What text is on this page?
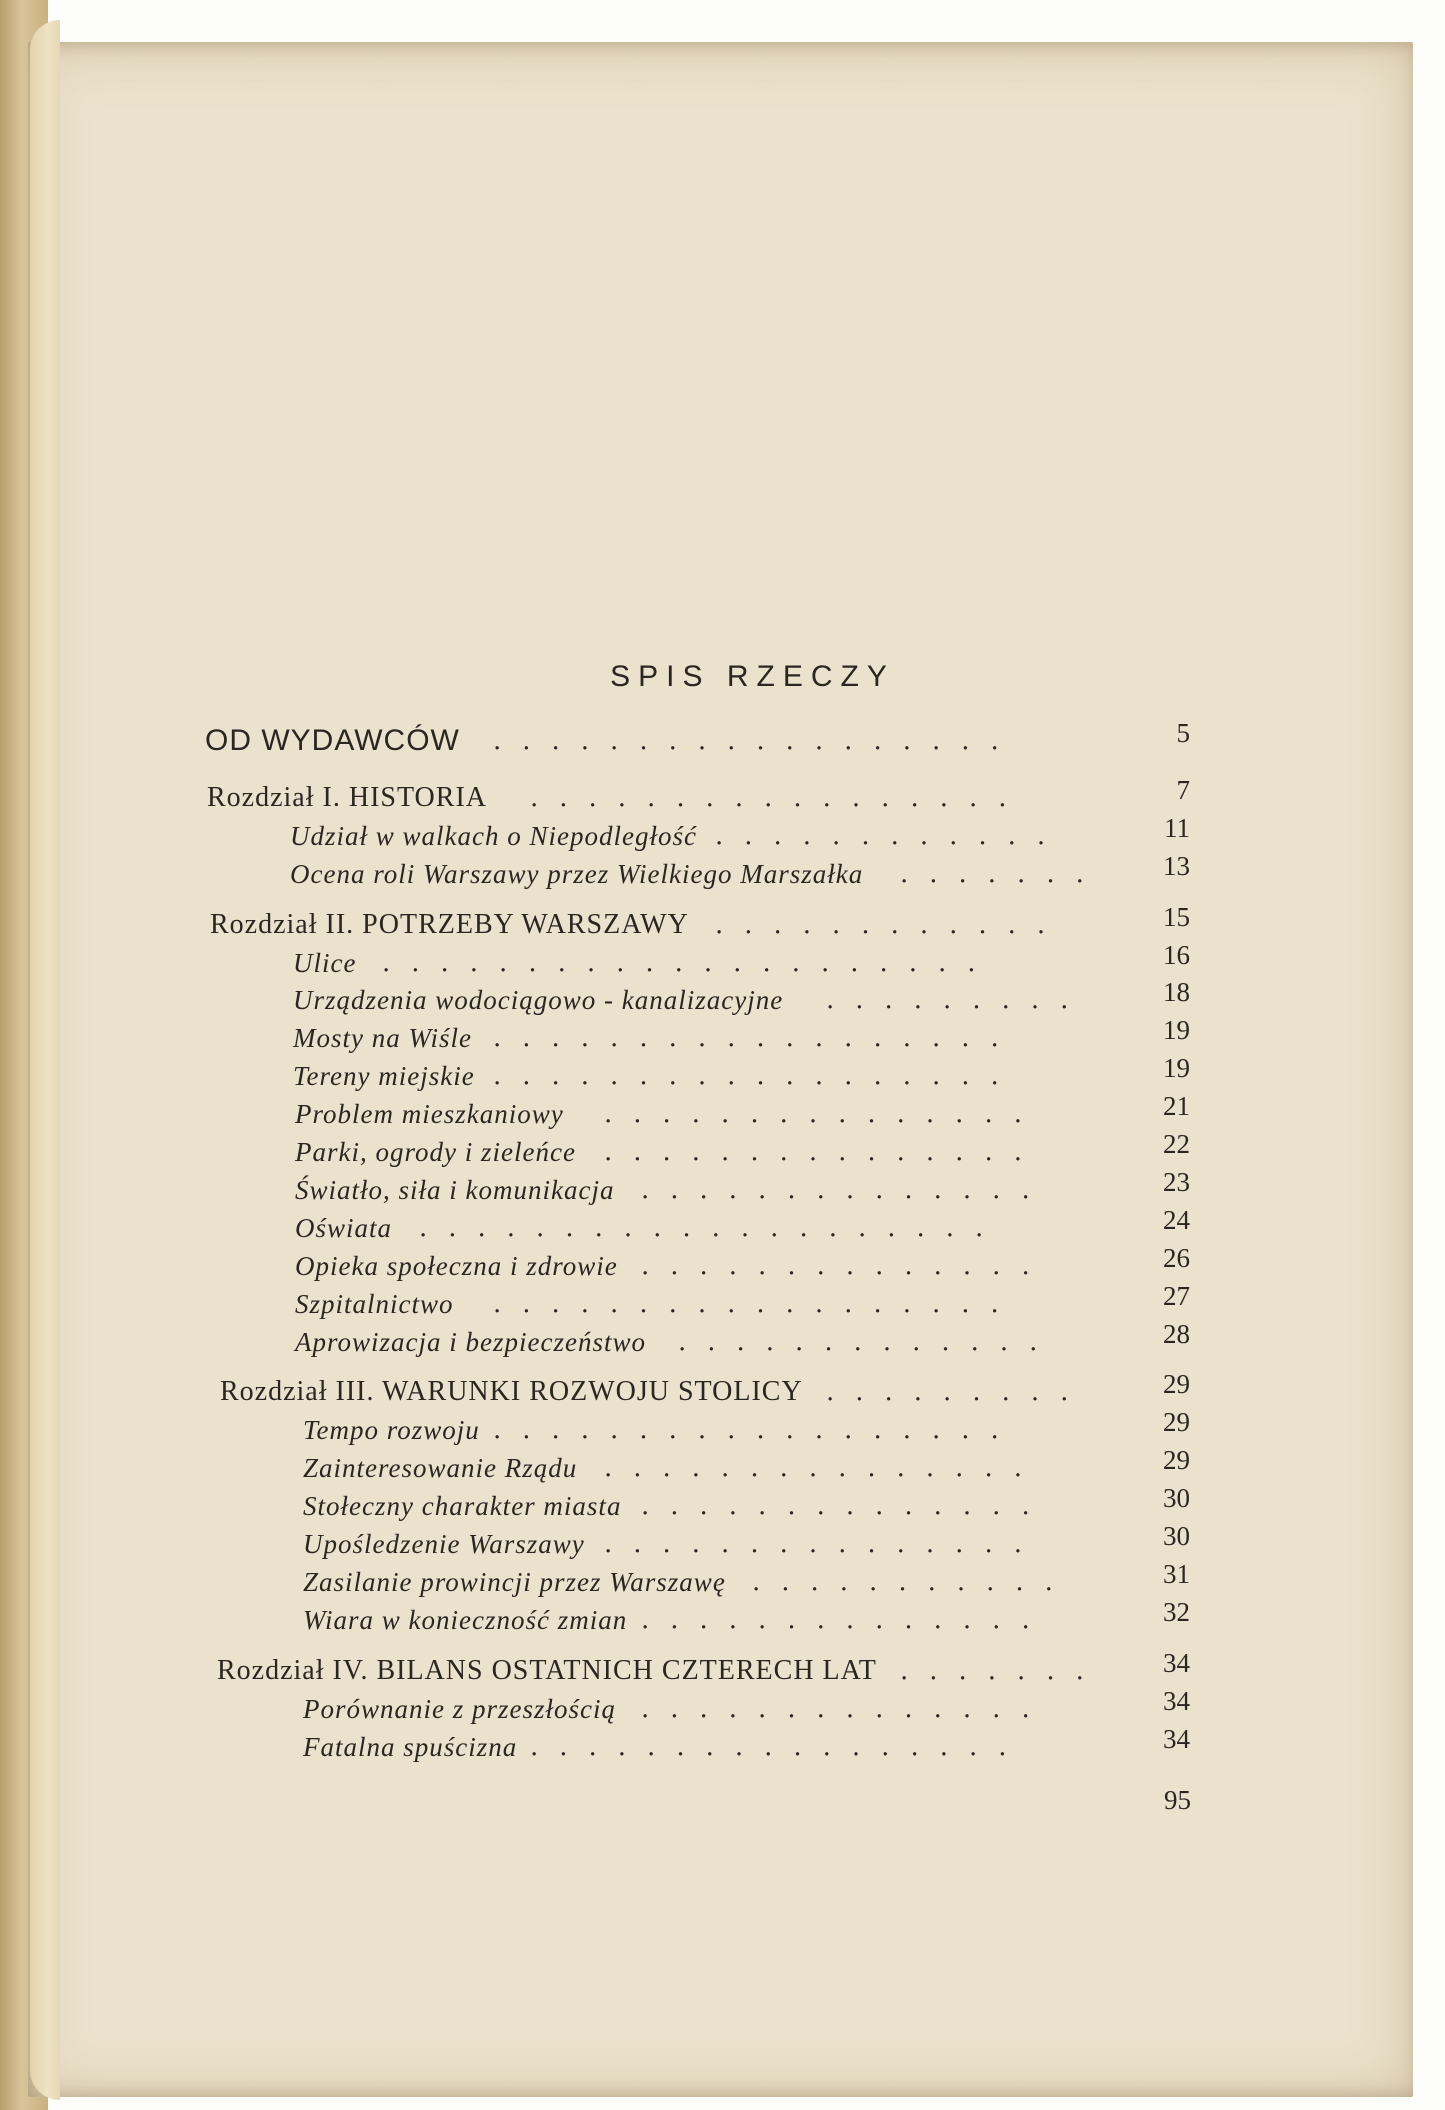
SPIS RZECZY
OD WYDAWCÓW ..................	5
Rozdział I. HISTORIA .................	7
Udział w walkach o Niepodległość ............	11
Ocena roli Warszawy przez Wielkiego Marszałka ....... 13
Rozdział II. POTRZEBY WARSZAWY ............	15
Ulice .....................	16
Urządzenia wodociągowo - kanalizacyjne .........	18
Mosty na Wiśle ..................	19
Tereny miejskie ..................	19
Problem mieszkaniowy ...............	21
Parki, ogrody i zieleńce ...............	22
Światło, siła i komunikacja ..............	23
Oświata ....................	24
Opieka społeczna i zdrowie ..............	26
Szpitalnictwo ..................	27
Aprowizacja i bezpieczeństwo .............	28
Rozdział III. WARUNKI ROZWOJU STOLICY .........	29
Tempo rozwoju ..................	29
Zainteresowanie Rządu ...............	29
Stołeczny charakter miasta ..............	30
Upośledzenie Warszawy ...............	30
Zasilanie prowincji przez Warszawę ...........	31
Wiara w konieczność zmian ..............	32
Rozdział IV. BILANS OSTATNICH CZTERECH LAT ....... 34
Porównanie z przeszłością ..............	34
Fatalna spuścizna .................	34
95
